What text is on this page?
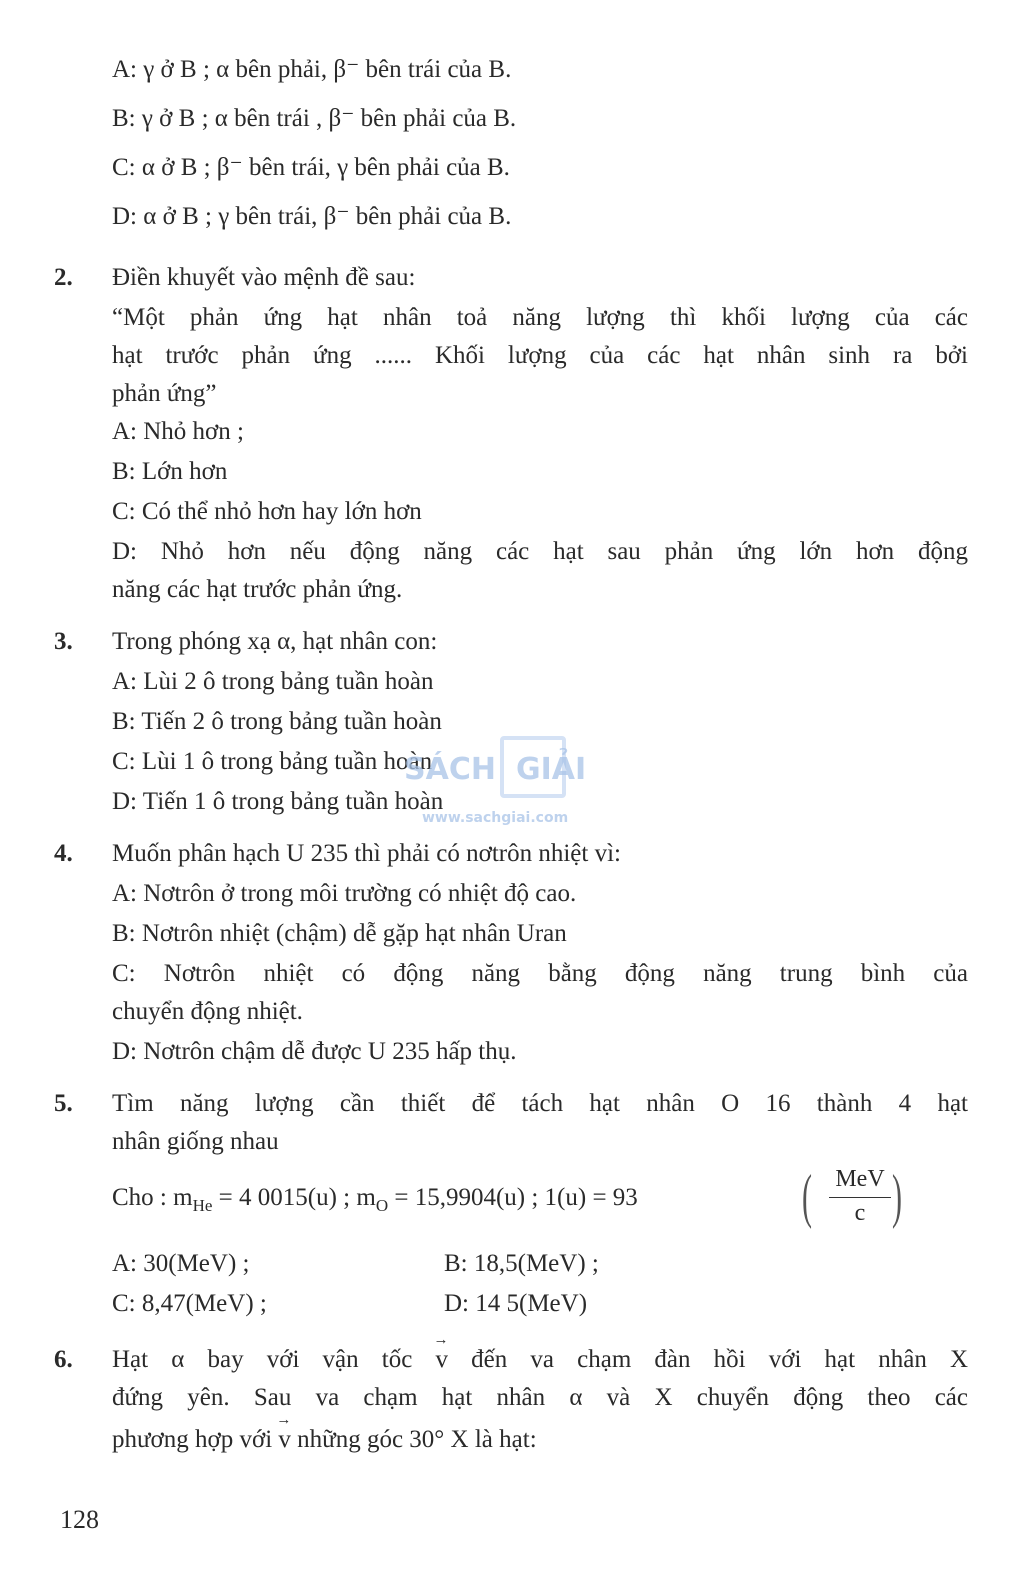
A: γ ở B ; α bên phải, β⁻ bên trái của B.
B: γ ở B ; α bên trái , β⁻ bên phải của B.
C: α ở B ; β⁻ bên trái, γ bên phải của B.
D: α ở B ; γ bên trái, β⁻ bên phải của B.
2. Điền khuyết vào mệnh đề sau:
“Một phản ứng hạt nhân toả năng lượng thì khối lượng của các
hạt trước phản ứng ...... Khối lượng của các hạt nhân sinh ra bởi
phản ứng”
A: Nhỏ hơn ;
B: Lớn hơn
C: Có thể nhỏ hơn hay lớn hơn
D: Nhỏ hơn nếu động năng các hạt sau phản ứng lớn hơn động
năng các hạt trước phản ứng.
3. Trong phóng xạ α, hạt nhân con:
A: Lùi 2 ô trong bảng tuần hoàn
B: Tiến 2 ô trong bảng tuần hoàn
C: Lùi 1 ô trong bảng tuần hoàn
D: Tiến 1 ô trong bảng tuần hoàn
4. Muốn phân hạch U 235 thì phải có nơtrôn nhiệt vì:
A: Nơtrôn ở trong môi trường có nhiệt độ cao.
B: Nơtrôn nhiệt (chậm) dễ gặp hạt nhân Uran
C: Nơtrôn nhiệt có động năng bằng động năng trung bình của
chuyển động nhiệt.
D: Nơtrôn chậm dễ được U 235 hấp thụ.
5. Tìm năng lượng cần thiết để tách hạt nhân O 16 thành 4 hạt
nhân giống nhau
Cho : $m_{He} = 4$ 0015(u) ; $m_O = 15,9904(u)$ ; 1(u) = 93	( MeV
c )
A: 30(MeV) ;	B: 18,5(MeV) ;
C: 8,47(MeV) ;	D: 14 5(MeV)
6. Hạt α bay với vận tốc → v đến va chạm đàn hồi với hạt nhân X
đứng yên. Sau va chạm hạt nhân α và X chuyển động theo các
phương hợp với → v những góc 30° X là hạt:
SÁCH GIẢI
www.sachgiai.com
128
